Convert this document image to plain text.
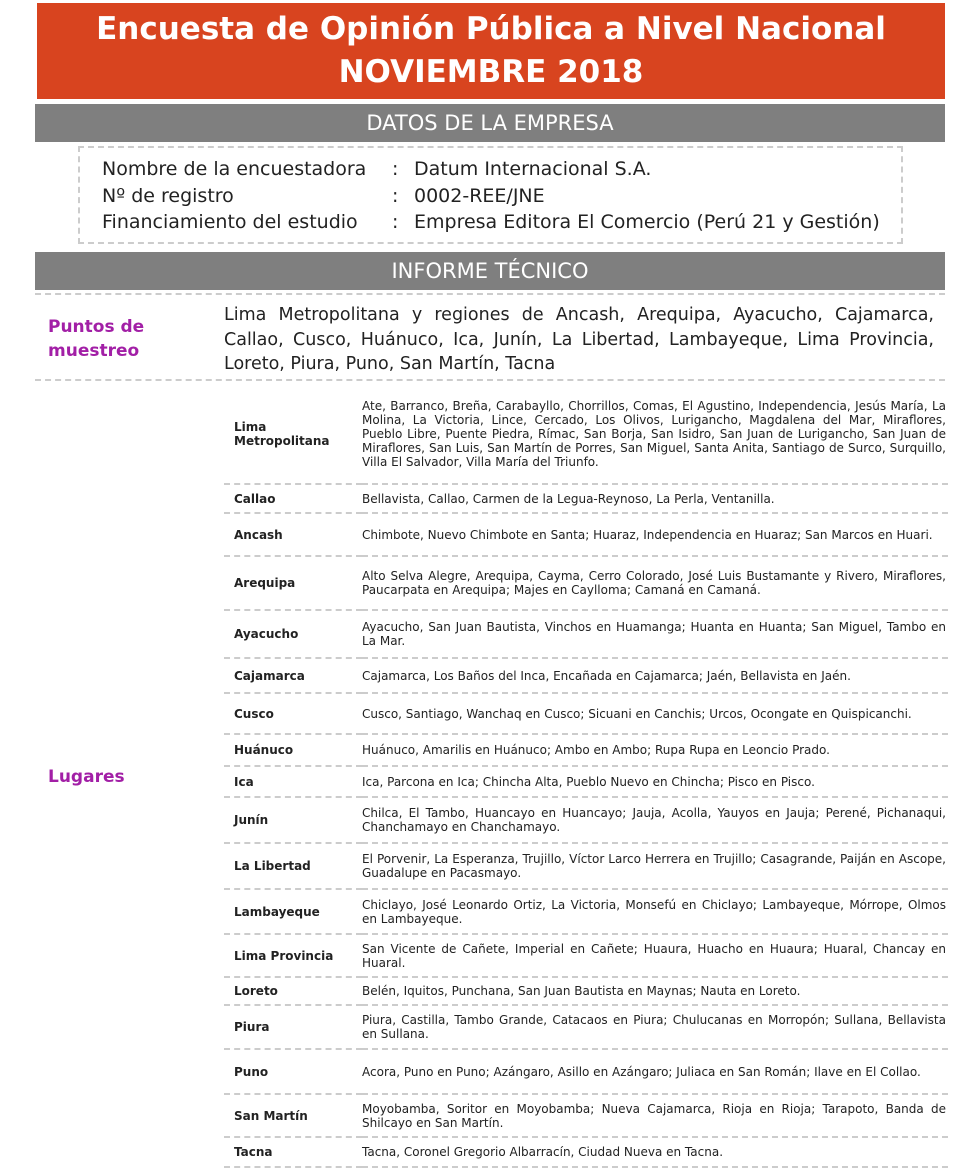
Encuesta de Opinión Pública a Nivel Nacional
NOVIEMBRE 2018
DATOS DE LA EMPRESA
Nombre de la encuestadora	: Datum Internacional S.A.
Nº de registro	: 0002-REE/JNE
Financiamiento del estudio	: Empresa Editora El Comercio (Perú 21 y Gestión)
INFORME TÉCNICO
Puntos de muestreo
Lima Metropolitana y regiones de Ancash, Arequipa, Ayacucho, Cajamarca, Callao, Cusco, Huánuco, Ica, Junín, La Libertad, Lambayeque, Lima Provincia, Loreto, Piura, Puno, San Martín, Tacna
Lugares
Lima Metropolitana	Ate, Barranco, Breña, Carabayllo, Chorrillos, Comas, El Agustino, Independencia, Jesús María, La Molina, La Victoria, Lince, Cercado, Los Olivos, Lurigancho, Magdalena del Mar, Miraflores, Pueblo Libre, Puente Piedra, Rímac, San Borja, San Isidro, San Juan de Lurigancho, San Juan de Miraflores, San Luis, San Martín de Porres, San Miguel, Santa Anita, Santiago de Surco, Surquillo, Villa El Salvador, Villa María del Triunfo.
Callao	Bellavista, Callao, Carmen de la Legua-Reynoso, La Perla, Ventanilla.
Ancash	Chimbote, Nuevo Chimbote en Santa; Huaraz, Independencia en Huaraz; San Marcos en Huari.
Arequipa	Alto Selva Alegre, Arequipa, Cayma, Cerro Colorado, José Luis Bustamante y Rivero, Miraflores, Paucarpata en Arequipa; Majes en Caylloma; Camaná en Camaná.
Ayacucho	Ayacucho, San Juan Bautista, Vinchos en Huamanga; Huanta en Huanta; San Miguel, Tambo en La Mar.
Cajamarca	Cajamarca, Los Baños del Inca, Encañada en Cajamarca; Jaén, Bellavista en Jaén.
Cusco	Cusco, Santiago, Wanchaq en Cusco; Sicuani en Canchis; Urcos, Ocongate en Quispicanchi.
Huánuco	Huánuco, Amarilis en Huánuco; Ambo en Ambo; Rupa Rupa en Leoncio Prado.
Ica	Ica, Parcona en Ica; Chincha Alta, Pueblo Nuevo en Chincha; Pisco en Pisco.
Junín	Chilca, El Tambo, Huancayo en Huancayo; Jauja, Acolla, Yauyos en Jauja; Perené, Pichanaqui, Chanchamayo en Chanchamayo.
La Libertad	El Porvenir, La Esperanza, Trujillo, Víctor Larco Herrera en Trujillo; Casagrande, Paiján en Ascope, Guadalupe en Pacasmayo.
Lambayeque	Chiclayo, José Leonardo Ortiz, La Victoria, Monsefú en Chiclayo; Lambayeque, Mórrope, Olmos en Lambayeque.
Lima Provincia	San Vicente de Cañete, Imperial en Cañete; Huaura, Huacho en Huaura; Huaral, Chancay en Huaral.
Loreto	Belén, Iquitos, Punchana, San Juan Bautista en Maynas; Nauta en Loreto.
Piura	Piura, Castilla, Tambo Grande, Catacaos en Piura; Chulucanas en Morropón; Sullana, Bellavista en Sullana.
Puno	Acora, Puno en Puno; Azángaro, Asillo en Azángaro; Juliaca en San Román; Ilave en El Collao.
San Martín	Moyobamba, Soritor en Moyobamba; Nueva Cajamarca, Rioja en Rioja; Tarapoto, Banda de Shilcayo en San Martín.
Tacna	Tacna, Coronel Gregorio Albarracín, Ciudad Nueva en Tacna.
